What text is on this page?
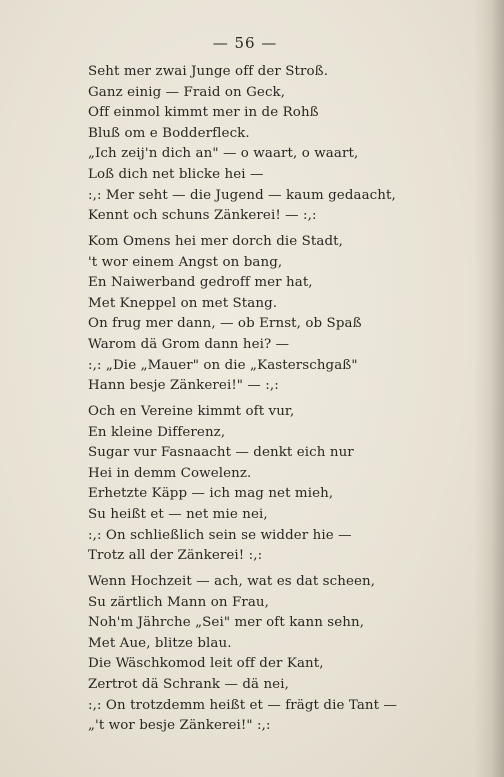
— 56 —
Seht mer zwai Junge off der Stroß.
Ganz einig — Fraid on Geck,
Off einmol kimmt mer in de Rohß
Bluß om e Bodderfleck.
„Ich zeij'n dich an" — o waart, o waart,
Loß dich net blicke hei —
:,: Mer seht — die Jugend — kaum gedaacht,
Kennt och schuns Zänkerei! — :,:
Kom Omens hei mer dorch die Stadt,
't wor einem Angst on bang,
En Naiwerband gedroff mer hat,
Met Kneppel on met Stang.
On frug mer dann, — ob Ernst, ob Spaß
Warom dä Grom dann hei? —
:,: „Die „Mauer" on die „Kasterschgaß"
Hann besje Zänkerei!" — :,:
Och en Vereine kimmt oft vur,
En kleine Differenz,
Sugar vur Fasnaacht — denkt eich nur
Hei in demm Cowelenz.
Erhetzte Käpp — ich mag net mieh,
Su heißt et — net mie nei,
:,: On schließlich sein se widder hie —
Trotz all der Zänkerei! :,:
Wenn Hochzeit — ach, wat es dat scheen,
Su zärtlich Mann on Frau,
Noh'm Jährche „Sei" mer oft kann sehn,
Met Aue, blitze blau.
Die Wäschkomod leit off der Kant,
Zertrot dä Schrank — dä nei,
:,: On trotzdemm heißt et — frägt die Tant —
„'t wor besje Zänkerei!" :,:
